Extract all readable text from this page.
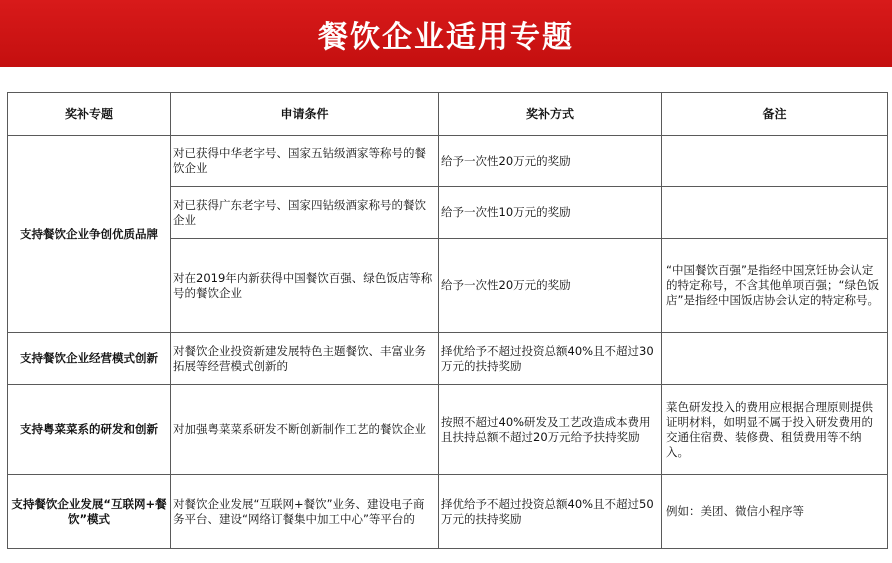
餐饮企业适用专题
奖补专题	申请条件	奖补方式	备注
支持餐饮企业争创优质品牌	对已获得中华老字号、国家五钻级酒家等称号的餐饮企业	给予一次性20万元的奖励	
	对已获得广东老字号、国家四钻级酒家称号的餐饮企业	给予一次性10万元的奖励	
	对在2019年内新获得中国餐饮百强、绿色饭店等称号的餐饮企业	给予一次性20万元的奖励	“中国餐饮百强”是指经中国烹饪协会认定的特定称号，不含其他单项百强；“绿色饭店”是指经中国饭店协会认定的特定称号。
支持餐饮企业经营模式创新	对餐饮企业投资新建发展特色主题餐饮、丰富业务拓展等经营模式创新的	择优给予不超过投资总额40%且不超过30万元的扶持奖励	
支持粤菜菜系的研发和创新	对加强粤菜菜系研发不断创新制作工艺的餐饮企业	按照不超过40%研发及工艺改造成本费用且扶持总额不超过20万元给予扶持奖励	菜色研发投入的费用应根据合理原则提供证明材料，如明显不属于投入研发费用的交通住宿费、装修费、租赁费用等不纳入。
支持餐饮企业发展“互联网+餐饮”模式	对餐饮企业发展“互联网+餐饮”业务、建设电子商务平台、建设“网络订餐集中加工中心”等平台的	择优给予不超过投资总额40%且不超过50万元的扶持奖励	例如：美团、微信小程序等
